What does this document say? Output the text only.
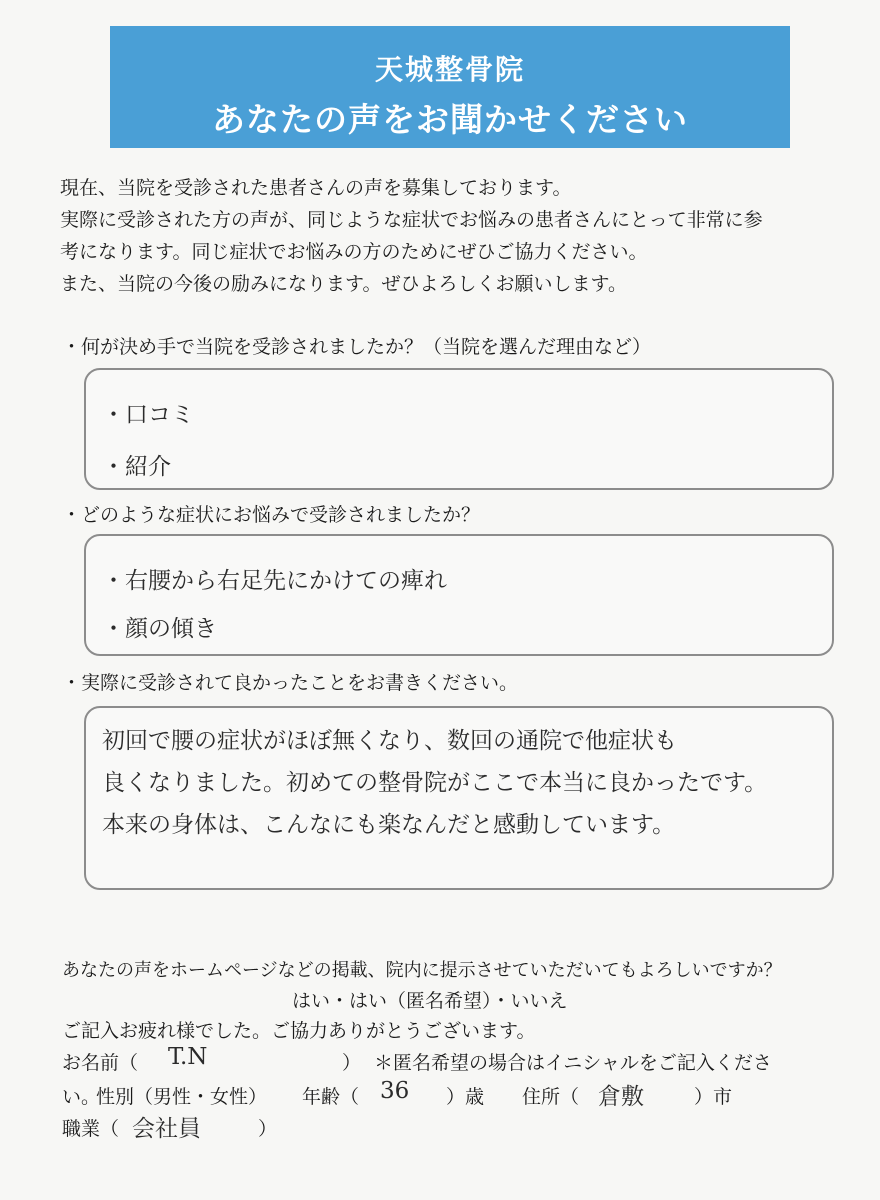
天城整骨院
あなたの声をお聞かせください
現在、当院を受診された患者さんの声を募集しております。
実際に受診された方の声が、同じような症状でお悩みの患者さんにとって非常に参
考になります。同じ症状でお悩みの方のためにぜひご協力ください。
また、当院の今後の励みになります。ぜひよろしくお願いします。
・何が決め手で当院を受診されましたか？（当院を選んだ理由など）
・口コミ
・紹介
・どのような症状にお悩みで受診されましたか？
・右腰から右足先にかけての痺れ
・顔の傾き
・実際に受診されて良かったことをお書きください。
初回で腰の症状がほぼ無くなり、数回の通院で他症状も
良くなりました。初めての整骨院がここで本当に良かったです。
本来の身体は、こんなにも楽なんだと感動しています。
あなたの声をホームページなどの掲載、院内に提示させていただいてもよろしいですか？
はい・はい（匿名希望）・いいえ
ご記入お疲れ様でした。ご協力ありがとうございます。
お名前（ T.N	） ＊匿名希望の場合はイニシャルをご記入くださ
い。
性別（男性・女性） 年齢（ 36 ）歳 住所（ 倉敷	）市
職業（ 会社員	）
